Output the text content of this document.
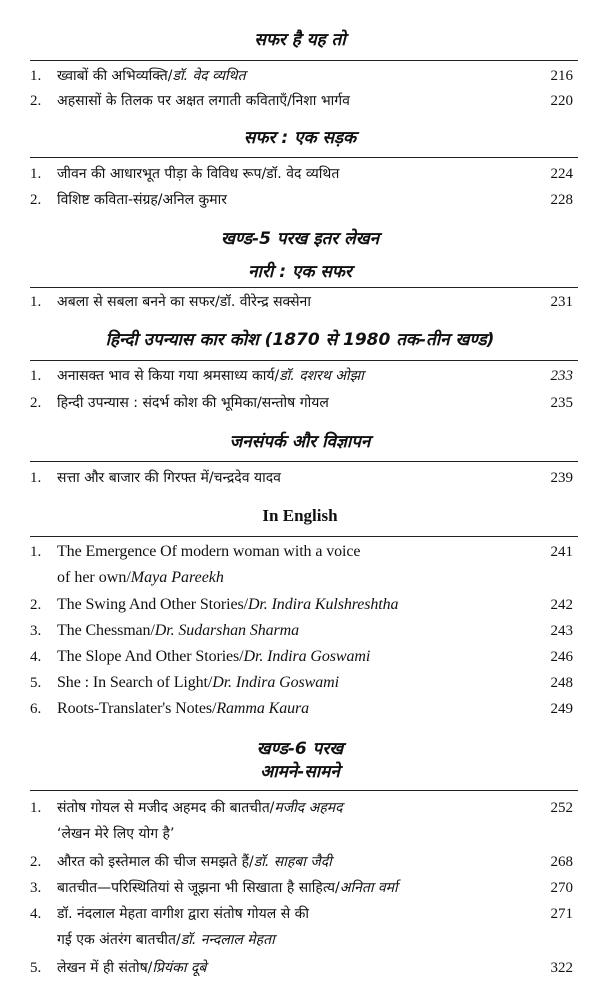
सफर है यह तो
1.	ख्वाबों की अभिव्यक्ति/डॉ. वेद व्यथित	216
2.	अहसासों के तिलक पर अक्षत लगाती कविताएँ/निशा भार्गव	220
सफर : एक सड़क
1.	जीवन की आधारभूत पीड़ा के विविध रूप/डॉ. वेद व्यथित	224
2.	विशिष्ट कविता-संग्रह/अनिल कुमार	228
खण्ड-5 परख इतर लेखन
नारी : एक सफर
1.	अबला से सबला बनने का सफर/डॉ. वीरेन्द्र सक्सेना	231
हिन्दी उपन्यास कार कोश (1870 से 1980 तक-तीन खण्ड)
1.	अनासक्त भाव से किया गया श्रमसाध्य कार्य/डॉ. दशरथ ओझा	233
2.	हिन्दी उपन्यास : संदर्भ कोश की भूमिका/सन्तोष गोयल	235
जनसंपर्क और विज्ञापन
1.	सत्ता और बाजार की गिरफ्त में/चन्द्रदेव यादव	239
In English
1. The Emergence Of modern woman with a voice	241
of her own/Maya Pareekh
2. The Swing And Other Stories/Dr. Indira Kulshreshtha	242
3. The Chessman/Dr. Sudarshan Sharma	243
4. The Slope And Other Stories/Dr. Indira Goswami	246
5. She : In Search of Light/Dr. Indira Goswami	248
6. Roots-Translater's Notes/Ramma Kaura	249
खण्ड-6 परख
आमने-सामने
1.	संतोष गोयल से मजीद अहमद की बातचीत/मजीद अहमद	252
‘लेखन मेरे लिए योग है’
2.	औरत को इस्तेमाल की चीज समझते हैं/डॉ. साहबा जैदी	268
3.	बातचीत—परिस्थितियां से जूझना भी सिखाता है साहित्य/अनिता वर्मा	270
4.	डॉ. नंदलाल मेहता वागीश द्वारा संतोष गोयल से की	271
गई एक अंतरंग बातचीत/डॉ. नन्दलाल मेहता
5.	लेखन में ही संतोष/प्रियंका दूबे	322
